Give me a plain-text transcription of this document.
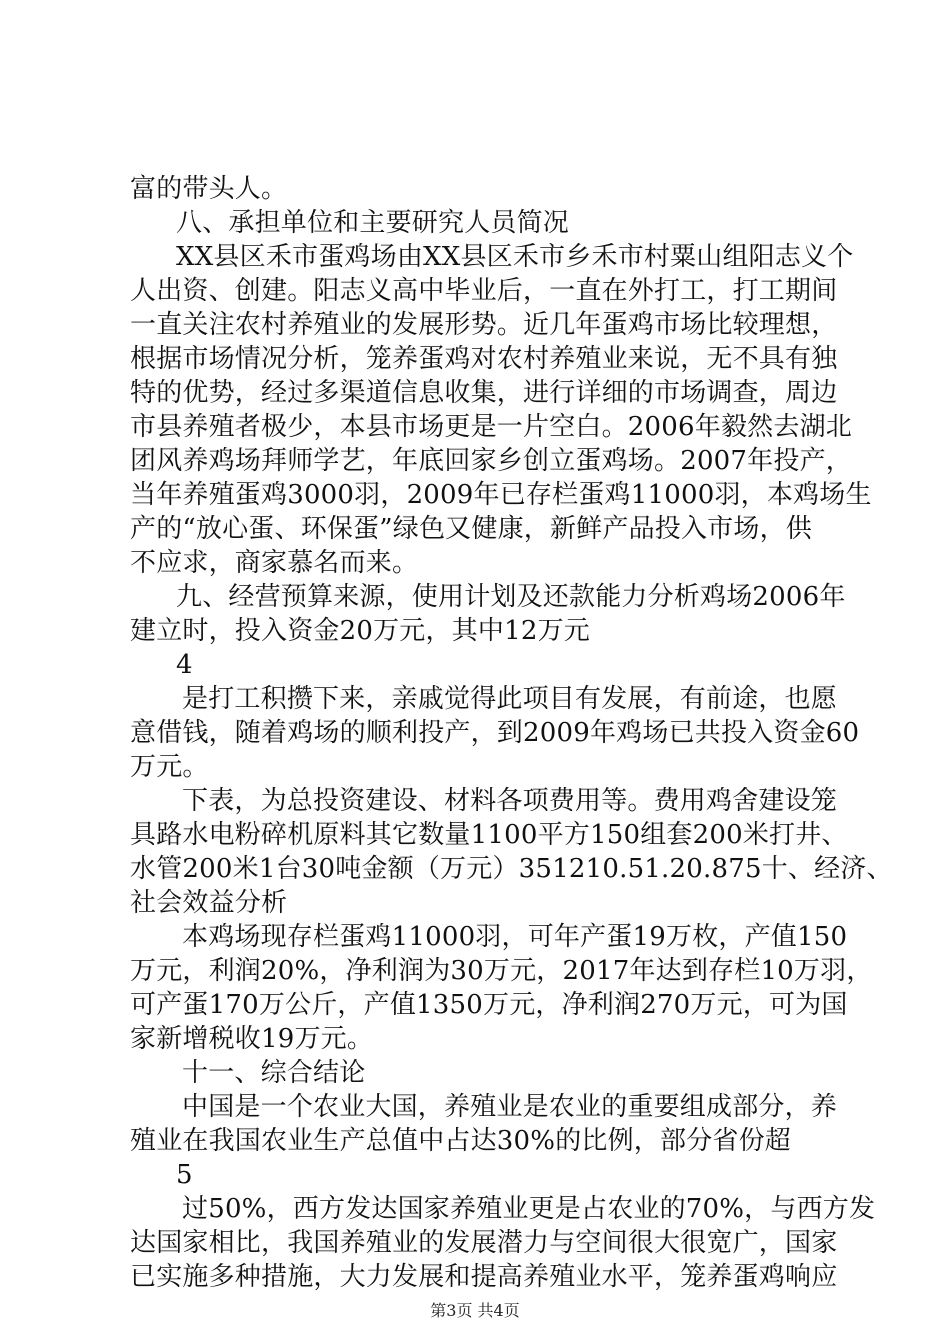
富的带头人。
八、承担单位和主要研究人员简况
XX县区禾市蛋鸡场由XX县区禾市乡禾市村粟山组阳志义个
人出资、创建。阳志义高中毕业后，一直在外打工，打工期间
一直关注农村养殖业的发展形势。近几年蛋鸡市场比较理想，
根据市场情况分析，笼养蛋鸡对农村养殖业来说，无不具有独
特的优势，经过多渠道信息收集，进行详细的市场调查，周边
市县养殖者极少，本县市场更是一片空白。2006年毅然去湖北
团风养鸡场拜师学艺，年底回家乡创立蛋鸡场。2007年投产，
当年养殖蛋鸡3000羽，2009年已存栏蛋鸡11000羽，本鸡场生
产的“放心蛋、环保蛋”绿色又健康，新鲜产品投入市场，供
不应求，商家慕名而来。
九、经营预算来源，使用计划及还款能力分析鸡场2006年
建立时，投入资金20万元，其中12万元
4
是打工积攒下来，亲戚觉得此项目有发展，有前途，也愿
意借钱，随着鸡场的顺利投产，到2009年鸡场已共投入资金60
万元。
下表，为总投资建设、材料各项费用等。费用鸡舍建设笼
具路水电粉碎机原料其它数量1100平方150组套200米打井、
水管200米1台30吨金额（万元）351210.51.20.875十、经济、
社会效益分析
本鸡场现存栏蛋鸡11000羽，可年产蛋19万枚，产值150
万元，利润20%，净利润为30万元，2017年达到存栏10万羽，
可产蛋170万公斤，产值1350万元，净利润270万元，可为国
家新增税收19万元。
十一、综合结论
中国是一个农业大国，养殖业是农业的重要组成部分，养
殖业在我国农业生产总值中占达30%的比例，部分省份超
5
过50%，西方发达国家养殖业更是占农业的70%，与西方发
达国家相比，我国养殖业的发展潜力与空间很大很宽广，国家
已实施多种措施，大力发展和提高养殖业水平，笼养蛋鸡响应
第3页 共4页
